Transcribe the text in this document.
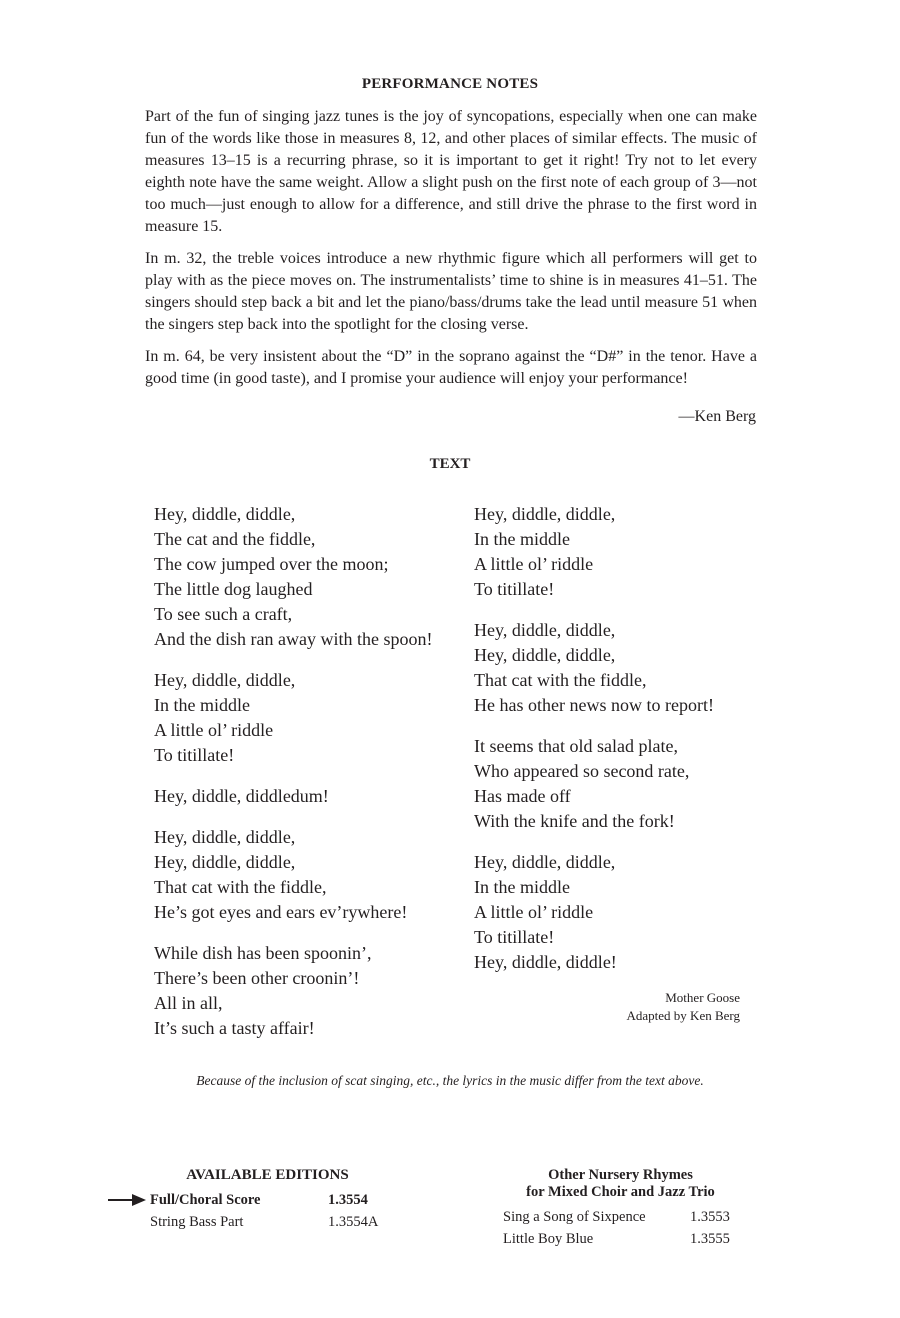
PERFORMANCE NOTES

Part of the fun of singing jazz tunes is the joy of syncopations, especially when one can make fun of the words like those in measures 8, 12, and other places of similar effects. The music of measures 13–15 is a recurring phrase, so it is important to get it right! Try not to let every eighth note have the same weight. Allow a slight push on the first note of each group of 3—not too much—just enough to allow for a difference, and still drive the phrase to the first word in measure 15.

In m. 32, the treble voices introduce a new rhythmic figure which all performers will get to play with as the piece moves on. The instrumentalists’ time to shine is in measures 41–51. The singers should step back a bit and let the piano/bass/drums take the lead until measure 51 when the singers step back into the spotlight for the closing verse.

In m. 64, be very insistent about the “D” in the soprano against the “D#” in the tenor. Have a good time (in good taste), and I promise your audience will enjoy your performance!

—Ken Berg
TEXT
Hey, diddle, diddle,
The cat and the fiddle,
The cow jumped over the moon;
The little dog laughed
To see such a craft,
And the dish ran away with the spoon!
Hey, diddle, diddle,
In the middle
A little ol’ riddle
To titillate!
Hey, diddle, diddledum!
Hey, diddle, diddle,
Hey, diddle, diddle,
That cat with the fiddle,
He’s got eyes and ears ev’rywhere!
While dish has been spoonin’,
There’s been other croonin’!
All in all,
It’s such a tasty affair!
Hey, diddle, diddle,
In the middle
A little ol’ riddle
To titillate!
Hey, diddle, diddle,
Hey, diddle, diddle,
That cat with the fiddle,
He has other news now to report!
It seems that old salad plate,
Who appeared so second rate,
Has made off
With the knife and the fork!
Hey, diddle, diddle,
In the middle
A little ol’ riddle
To titillate!
Hey, diddle, diddle!
Mother Goose
Adapted by Ken Berg
Because of the inclusion of scat singing, etc., the lyrics in the music differ from the text above.
AVAILABLE EDITIONS
Full/Choral Score	1.3554
String Bass Part	1.3554A
Other Nursery Rhymes
for Mixed Choir and Jazz Trio
Sing a Song of Sixpence	1.3553
Little Boy Blue	1.3555
